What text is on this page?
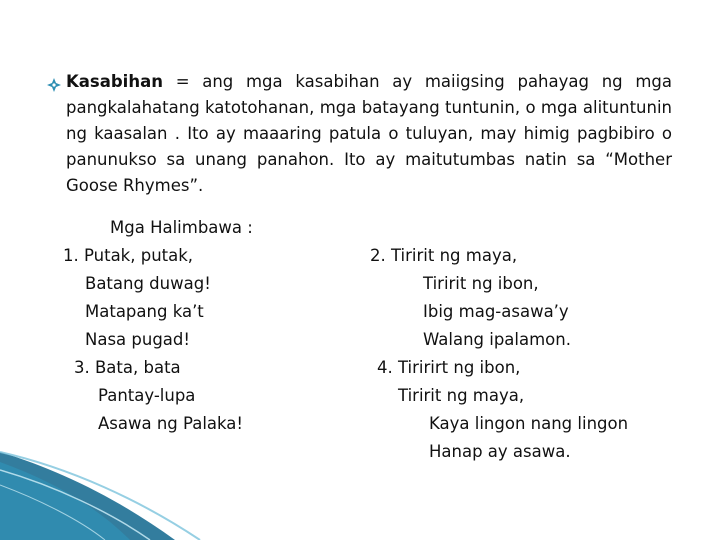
Kasabihan = ang mga kasabihan ay maiigsing pahayag ng mga pangkalahatang katotohanan, mga batayang tuntunin, o mga alituntunin ng kaasalan . Ito ay maaaring patula o tuluyan, may himig pagbibiro o panunukso sa unang panahon. Ito ay maitutumbas natin sa “Mother Goose Rhymes”.

Mga Halimbawa :

1. Putak, putak,

Batang duwag!

Matapang ka’t

Nasa pugad!

2. Tiririt ng maya,

Tiririt ng ibon,

Ibig mag-asawa’y

Walang ipalamon.

3. Bata, bata

Pantay-lupa

Asawa ng Palaka!

4. Tiririrt ng ibon,

Tiririt ng maya,

Kaya lingon nang lingon

Hanap ay asawa.
